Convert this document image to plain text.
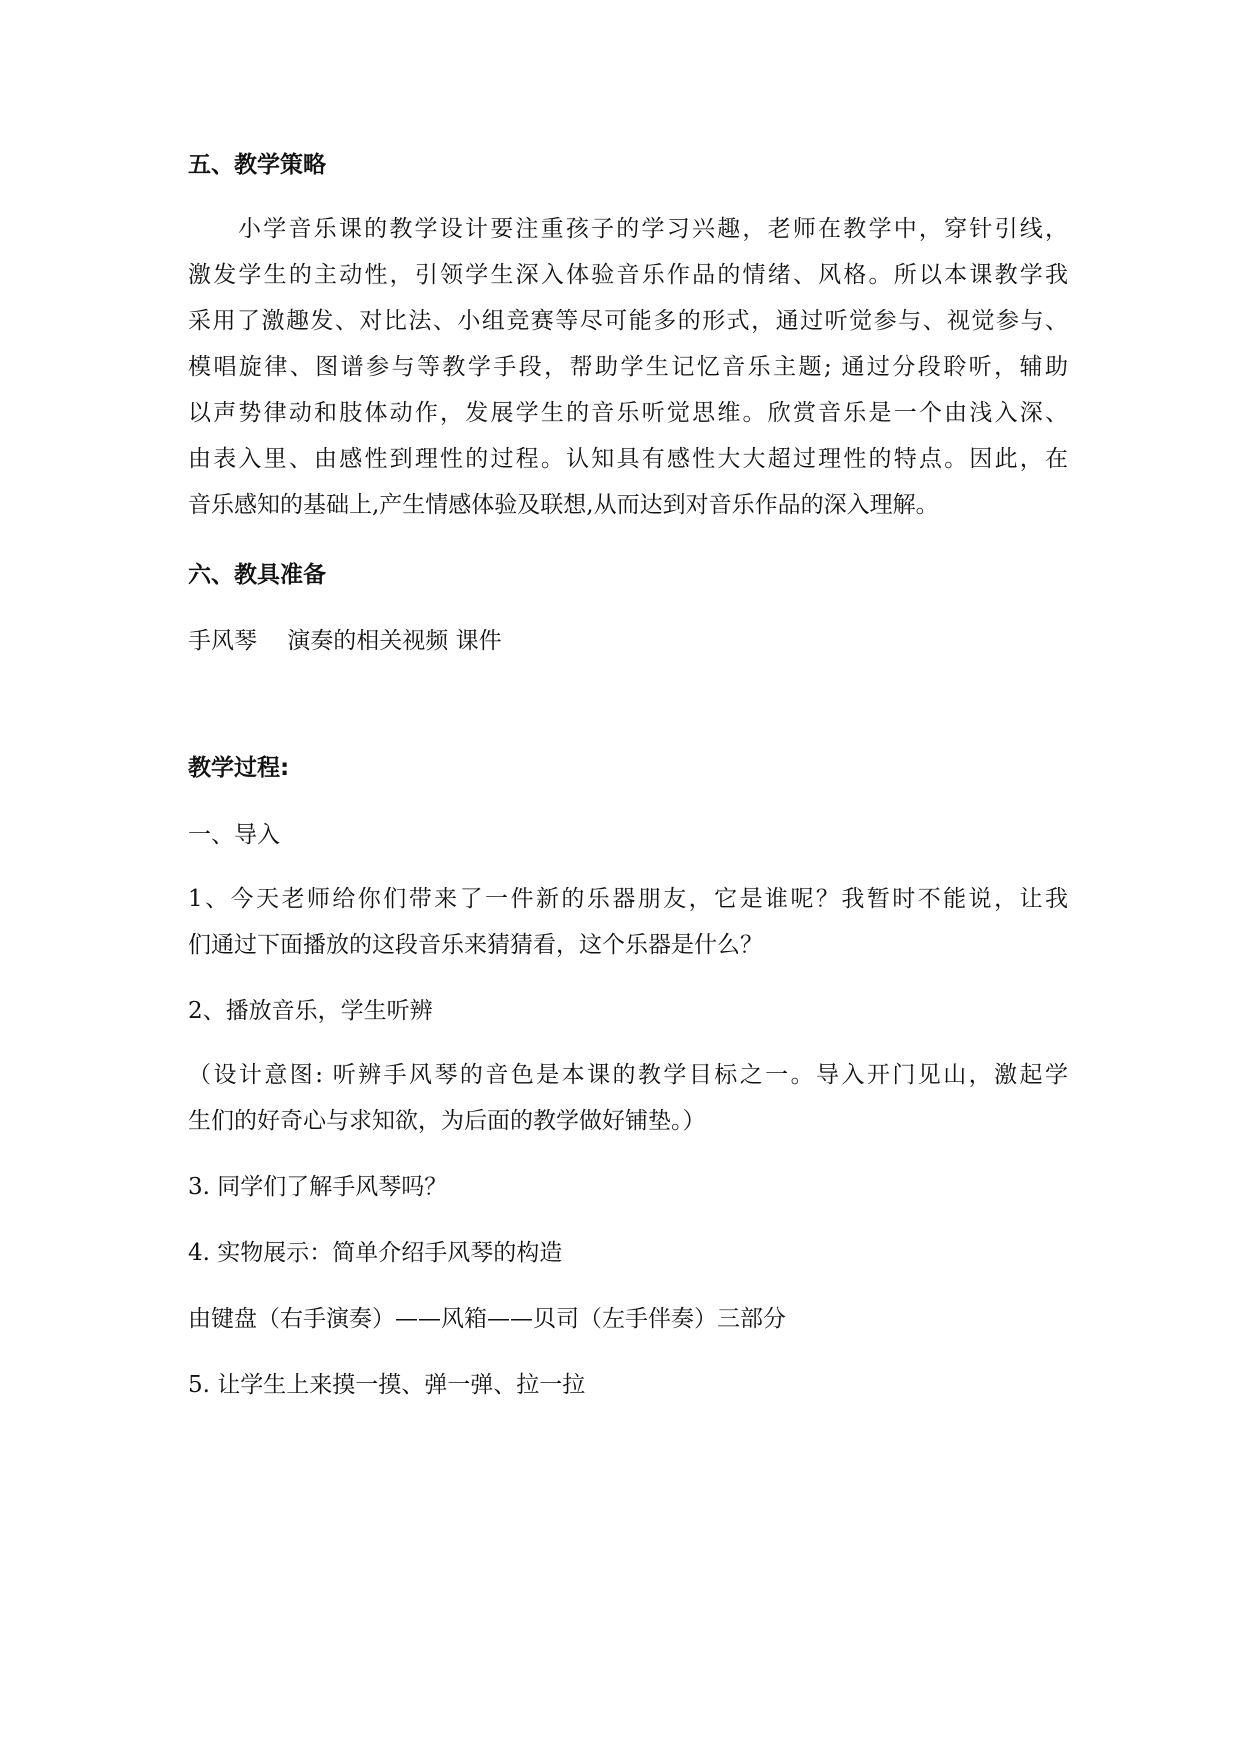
五、教学策略

小学音乐课的教学设计要注重孩子的学习兴趣，老师在教学中，穿针引线，

激发学生的主动性，引领学生深入体验音乐作品的情绪、风格。所以本课教学我

采用了激趣发、对比法、小组竞赛等尽可能多的形式，通过听觉参与、视觉参与、

模唱旋律、图谱参与等教学手段，帮助学生记忆音乐主题; 通过分段聆听，辅助

以声势律动和肢体动作，发展学生的音乐听觉思维。欣赏音乐是一个由浅入深、

由表入里、由感性到理性的过程。认知具有感性大大超过理性的特点。因此，在

音乐感知的基础上,产生情感体验及联想,从而达到对音乐作品的深入理解。

六、教具准备

手风琴　 演奏的相关视频 课件

教学过程:

一、导入

1、今天老师给你们带来了一件新的乐器朋友，它是谁呢？我暂时不能说，让我

们通过下面播放的这段音乐来猜猜看，这个乐器是什么？

2、播放音乐，学生听辨

（设计意图: 听辨手风琴的音色是本课的教学目标之一。导入开门见山，激起学

生们的好奇心与求知欲，为后面的教学做好铺垫。）

3. 同学们了解手风琴吗？

4. 实物展示：简单介绍手风琴的构造

由键盘（右手演奏）——风箱——贝司（左手伴奏）三部分

5. 让学生上来摸一摸、弹一弹、拉一拉
